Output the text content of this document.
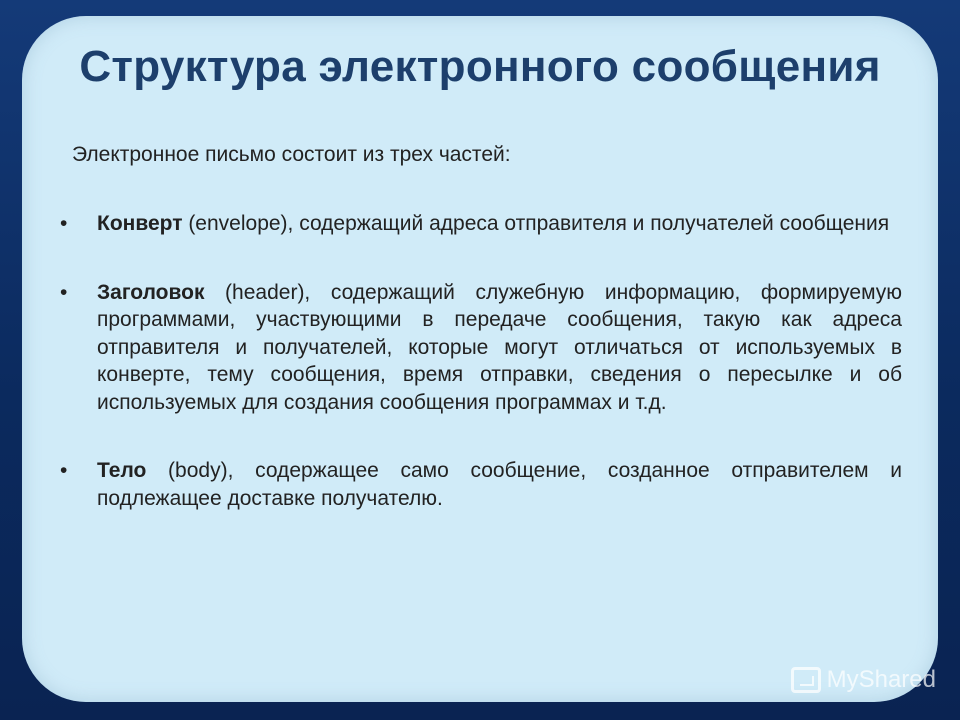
Структура электронного сообщения
Электронное письмо состоит из трех частей:
• Конверт (envelope), содержащий адреса отправителя и получателей сообщения
• Заголовок (header), содержащий служебную информацию, формируемую программами, участвующими в передаче сообщения, такую как адреса отправителя и получателей, которые могут отличаться от используемых в конверте, тему сообщения, время отправки, сведения о пересылке и об используемых для создания сообщения программах и т.д.
• Тело (body), содержащее само сообщение, созданное отправителем и подлежащее доставке получателю.
MyShared
